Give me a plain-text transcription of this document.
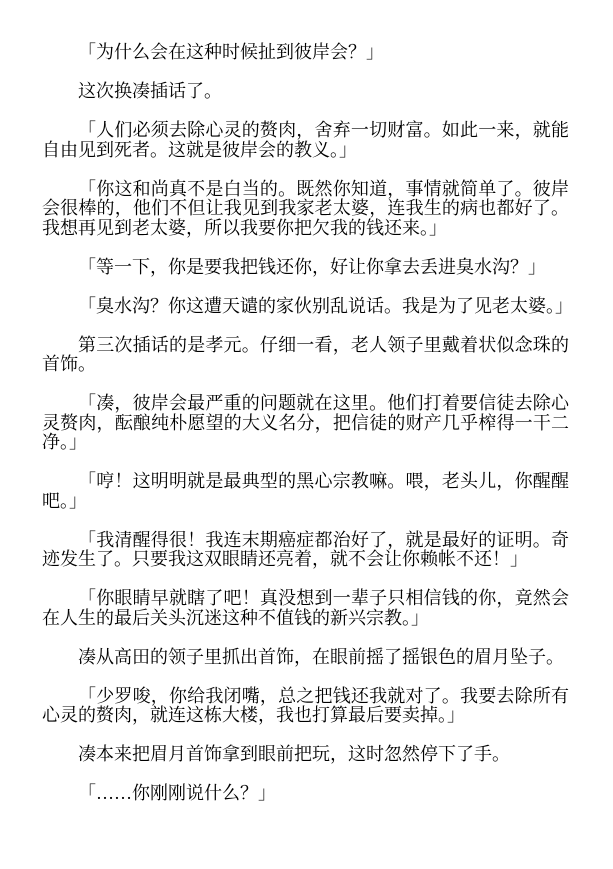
「为什么会在这种时候扯到彼岸会？」

这次换凑插话了。

「人们必须去除心灵的赘肉，舍弃一切财富。如此一来，就能自由见到死者。这就是彼岸会的教义。」

「你这和尚真不是白当的。既然你知道，事情就简单了。彼岸会很棒的，他们不但让我见到我家老太婆，连我生的病也都好了。我想再见到老太婆，所以我要你把欠我的钱还来。」

「等一下，你是要我把钱还你，好让你拿去丢进臭水沟？」

「臭水沟？你这遭天谴的家伙别乱说话。我是为了见老太婆。」

第三次插话的是孝元。仔细一看，老人领子里戴着状似念珠的首饰。

「凑，彼岸会最严重的问题就在这里。他们打着要信徒去除心灵赘肉，酝酿纯朴愿望的大义名分，把信徒的财产几乎榨得一干二净。」

「哼！这明明就是最典型的黑心宗教嘛。喂，老头儿，你醒醒吧。」

「我清醒得很！我连末期癌症都治好了，就是最好的证明。奇迹发生了。只要我这双眼睛还亮着，就不会让你赖帐不还！」

「你眼睛早就瞎了吧！真没想到一辈子只相信钱的你，竟然会在人生的最后关头沉迷这种不值钱的新兴宗教。」

凑从高田的领子里抓出首饰，在眼前摇了摇银色的眉月坠子。

「少罗唆，你给我闭嘴，总之把钱还我就对了。我要去除所有心灵的赘肉，就连这栋大楼，我也打算最后要卖掉。」

凑本来把眉月首饰拿到眼前把玩，这时忽然停下了手。

「……你刚刚说什么？」
